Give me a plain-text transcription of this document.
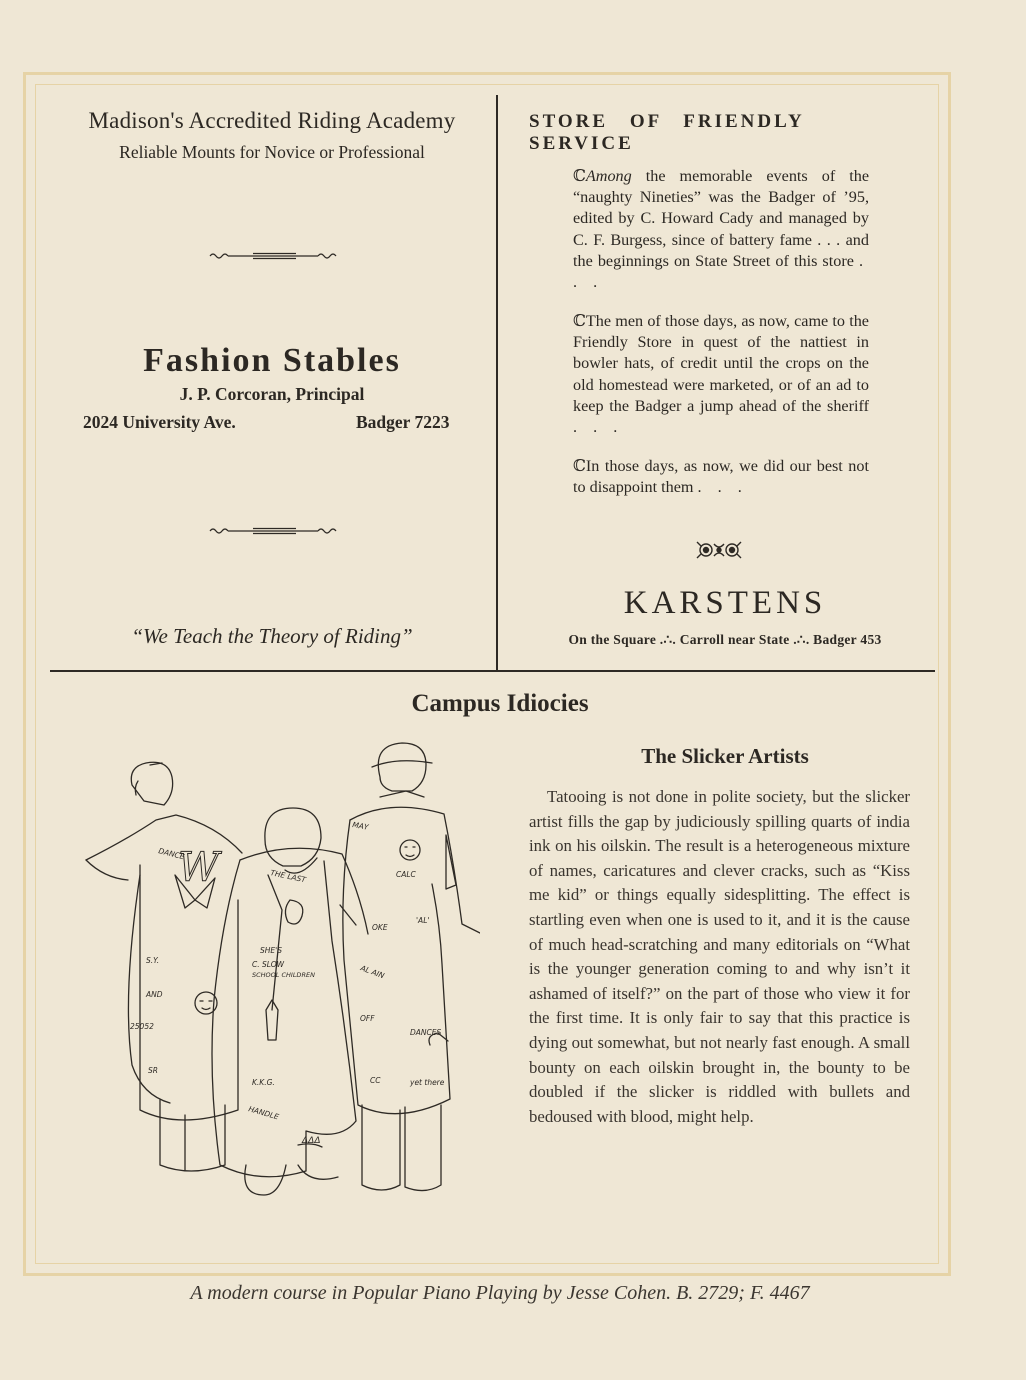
Madison's Accredited Riding Academy
Reliable Mounts for Novice or Professional
Fashion Stables
J. P. Corcoran, Principal
2024 University Ave.	Badger 7223
“We Teach the Theory of Riding”
STORE OF FRIENDLY SERVICE
ℂAmong the memorable events of the “naughty Nineties” was the Badger of ’95, edited by C. Howard Cady and managed by C. F. Burgess, since of battery fame . . . and the beginnings on State Street of this store . . .
ℂThe men of those days, as now, came to the Friendly Store in quest of the nattiest in bowler hats, of credit until the crops on the old homestead were marketed, or of an ad to keep the Badger a jump ahead of the sheriff . . .
ℂIn those days, as now, we did our best not to disappoint them . . .
KARSTENS
On the Square .∴. Carroll near State .∴. Badger 453
Campus Idiocies
The Slicker Artists
Tatooing is not done in polite society, but the slicker artist fills the gap by judiciously spilling quarts of india ink on his oilskin. The result is a heterogeneous mixture of names, caricatures and clever cracks, such as “Kiss me kid” or things equally sidesplitting. The effect is startling even when one is used to it, and it is the cause of much head-scratching and many editorials on “What is the younger generation coming to and why isn’t it ashamed of itself?” on the part of those who view it for the first time. It is only fair to say that this practice is dying out somewhat, but not nearly fast enough. A small bounty on each oilskin brought in, the bounty to be doubled if the slicker is riddled with bullets and bedoused with blood, might help.
DANCE
W
S.Y.
AND
25052
SR
THE LAST
SHE'S
C. SLOW
SCHOOL CHILDREN
K.K.G.
HANDLE
ΔΔΔ
MAY
CALC
OKE
'AL'
AL AIN
OFF
DANCES
yet there
CC
A modern course in Popular Piano Playing by Jesse Cohen. B. 2729; F. 4467
